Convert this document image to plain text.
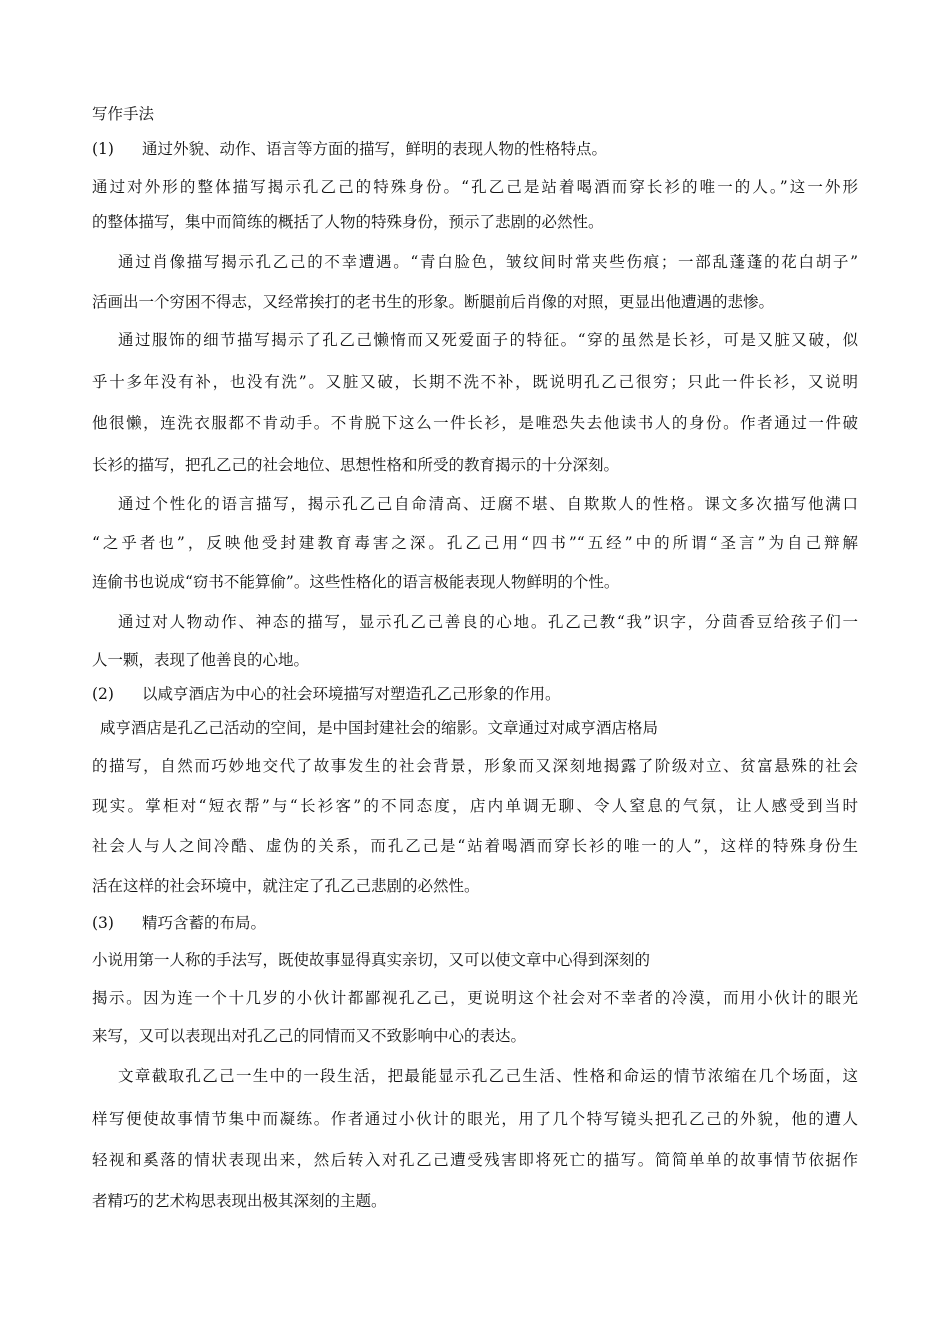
写作手法
(1) 通过外貌、动作、语言等方面的描写，鲜明的表现人物的性格特点。
通过对外形的整体描写揭示孔乙己的特殊身份。“孔乙己是站着喝酒而穿长衫的唯一的人。”这一外形
的整体描写，集中而简练的概括了人物的特殊身份，预示了悲剧的必然性。
通过肖像描写揭示孔乙己的不幸遭遇。“青白脸色，皱纹间时常夹些伤痕；一部乱蓬蓬的花白胡子”
活画出一个穷困不得志，又经常挨打的老书生的形象。断腿前后肖像的对照，更显出他遭遇的悲惨。
通过服饰的细节描写揭示了孔乙己懒惰而又死爱面子的特征。“穿的虽然是长衫，可是又脏又破，似
乎十多年没有补，也没有洗”。又脏又破，长期不洗不补，既说明孔乙己很穷；只此一件长衫，又说明
他很懒，连洗衣服都不肯动手。不肯脱下这么一件长衫，是唯恐失去他读书人的身份。作者通过一件破
长衫的描写，把孔乙己的社会地位、思想性格和所受的教育揭示的十分深刻。
通过个性化的语言描写，揭示孔乙己自命清高、迂腐不堪、自欺欺人的性格。课文多次描写他满口
“之乎者也”，反映他受封建教育毒害之深。孔乙己用“四书”“五经”中的所谓“圣言”为自己辩解
连偷书也说成“窃书不能算偷”。这些性格化的语言极能表现人物鲜明的个性。
通过对人物动作、神态的描写，显示孔乙己善良的心地。孔乙己教“我”识字，分茴香豆给孩子们一
人一颗，表现了他善良的心地。
(2) 以咸亨酒店为中心的社会环境描写对塑造孔乙己形象的作用。
咸亨酒店是孔乙己活动的空间，是中国封建社会的缩影。文章通过对咸亨酒店格局
的描写，自然而巧妙地交代了故事发生的社会背景，形象而又深刻地揭露了阶级对立、贫富悬殊的社会
现实。掌柜对“短衣帮”与“长衫客”的不同态度，店内单调无聊、令人窒息的气氛，让人感受到当时
社会人与人之间冷酷、虚伪的关系，而孔乙己是“站着喝酒而穿长衫的唯一的人”，这样的特殊身份生
活在这样的社会环境中，就注定了孔乙己悲剧的必然性。
(3) 精巧含蓄的布局。
小说用第一人称的手法写，既使故事显得真实亲切，又可以使文章中心得到深刻的
揭示。因为连一个十几岁的小伙计都鄙视孔乙己，更说明这个社会对不幸者的冷漠，而用小伙计的眼光
来写，又可以表现出对孔乙己的同情而又不致影响中心的表达。
文章截取孔乙己一生中的一段生活，把最能显示孔乙己生活、性格和命运的情节浓缩在几个场面，这
样写便使故事情节集中而凝练。作者通过小伙计的眼光，用了几个特写镜头把孔乙己的外貌，他的遭人
轻视和奚落的情状表现出来，然后转入对孔乙己遭受残害即将死亡的描写。简简单单的故事情节依据作
者精巧的艺术构思表现出极其深刻的主题。
